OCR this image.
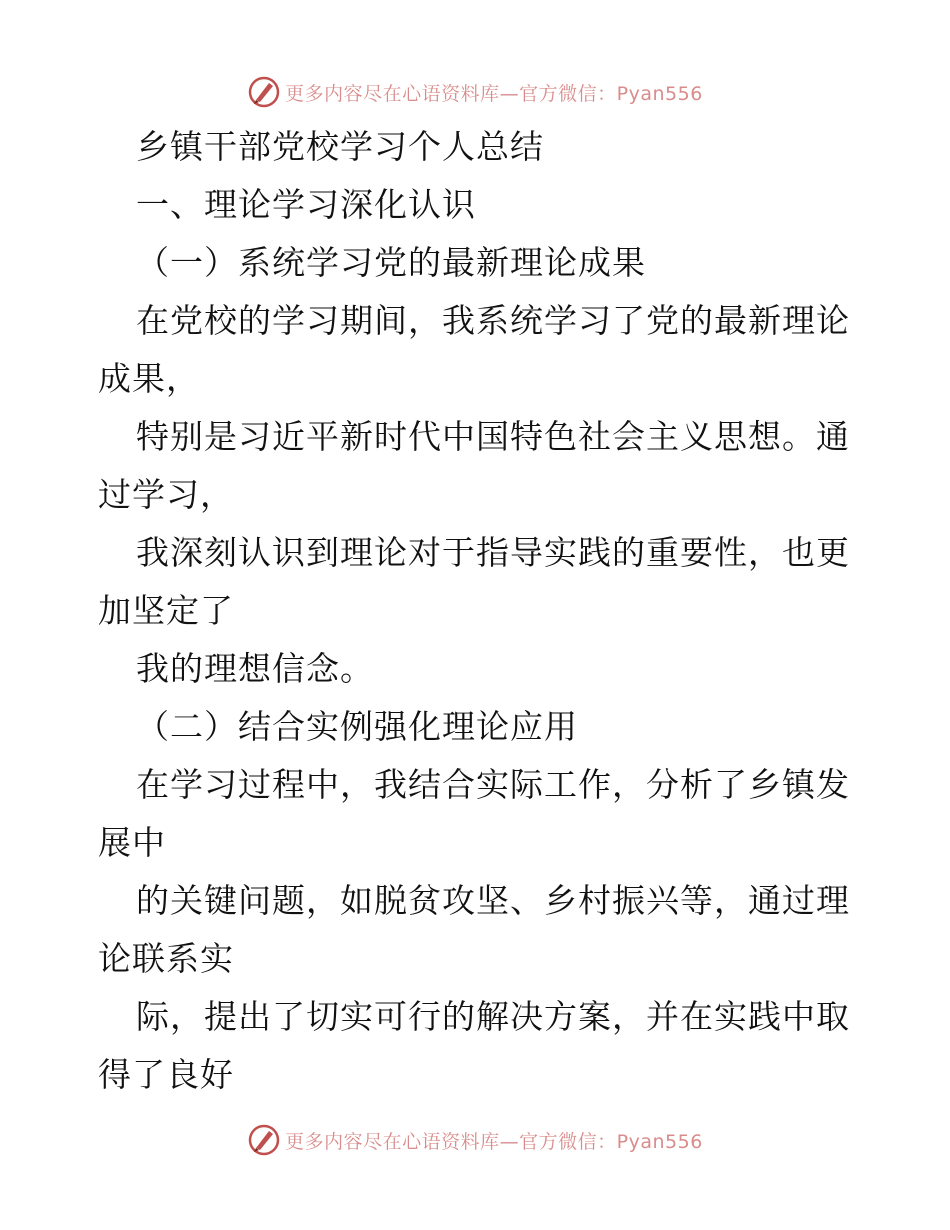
更多内容尽在心语资料库—官方微信：Pyan556
乡镇干部党校学习个人总结
一、理论学习深化认识
（一）系统学习党的最新理论成果
在党校的学习期间，我系统学习了党的最新理论
成果，
特别是习近平新时代中国特色社会主义思想。通
过学习，
我深刻认识到理论对于指导实践的重要性，也更
加坚定了
我的理想信念。
（二）结合实例强化理论应用
在学习过程中，我结合实际工作，分析了乡镇发
展中
的关键问题，如脱贫攻坚、乡村振兴等，通过理
论联系实
际，提出了切实可行的解决方案，并在实践中取
得了良好
更多内容尽在心语资料库—官方微信：Pyan556
